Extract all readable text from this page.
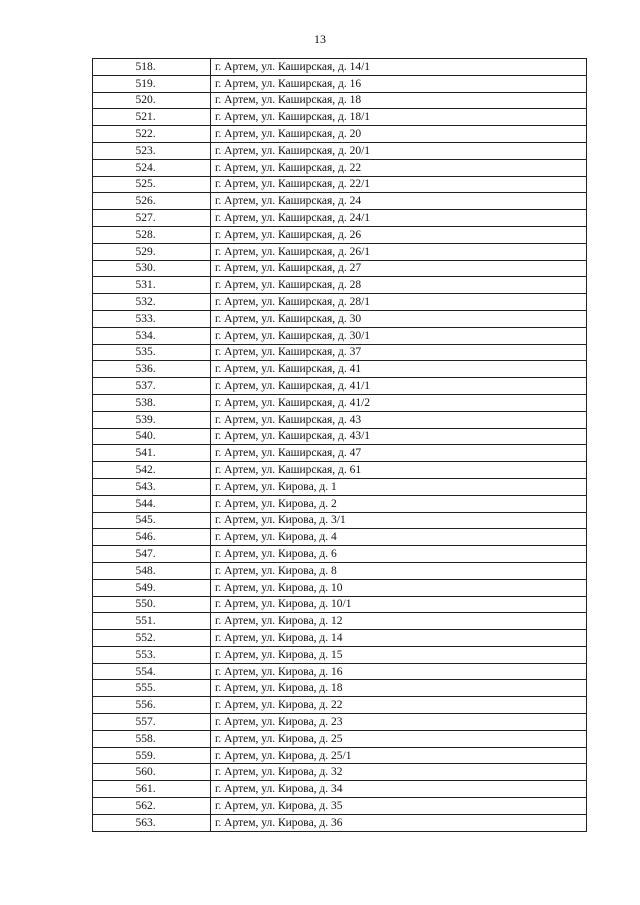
13
518.	г. Артем, ул. Каширская, д. 14/1
519.	г. Артем, ул. Каширская, д. 16
520.	г. Артем, ул. Каширская, д. 18
521.	г. Артем, ул. Каширская, д. 18/1
522.	г. Артем, ул. Каширская, д. 20
523.	г. Артем, ул. Каширская, д. 20/1
524.	г. Артем, ул. Каширская, д. 22
525.	г. Артем, ул. Каширская, д. 22/1
526.	г. Артем, ул. Каширская, д. 24
527.	г. Артем, ул. Каширская, д. 24/1
528.	г. Артем, ул. Каширская, д. 26
529.	г. Артем, ул. Каширская, д. 26/1
530.	г. Артем, ул. Каширская, д. 27
531.	г. Артем, ул. Каширская, д. 28
532.	г. Артем, ул. Каширская, д. 28/1
533.	г. Артем, ул. Каширская, д. 30
534.	г. Артем, ул. Каширская, д. 30/1
535.	г. Артем, ул. Каширская, д. 37
536.	г. Артем, ул. Каширская, д. 41
537.	г. Артем, ул. Каширская, д. 41/1
538.	г. Артем, ул. Каширская, д. 41/2
539.	г. Артем, ул. Каширская, д. 43
540.	г. Артем, ул. Каширская, д. 43/1
541.	г. Артем, ул. Каширская, д. 47
542.	г. Артем, ул. Каширская, д. 61
543.	г. Артем, ул. Кирова, д. 1
544.	г. Артем, ул. Кирова, д. 2
545.	г. Артем, ул. Кирова, д. 3/1
546.	г. Артем, ул. Кирова, д. 4
547.	г. Артем, ул. Кирова, д. 6
548.	г. Артем, ул. Кирова, д. 8
549.	г. Артем, ул. Кирова, д. 10
550.	г. Артем, ул. Кирова, д. 10/1
551.	г. Артем, ул. Кирова, д. 12
552.	г. Артем, ул. Кирова, д. 14
553.	г. Артем, ул. Кирова, д. 15
554.	г. Артем, ул. Кирова, д. 16
555.	г. Артем, ул. Кирова, д. 18
556.	г. Артем, ул. Кирова, д. 22
557.	г. Артем, ул. Кирова, д. 23
558.	г. Артем, ул. Кирова, д. 25
559.	г. Артем, ул. Кирова, д. 25/1
560.	г. Артем, ул. Кирова, д. 32
561.	г. Артем, ул. Кирова, д. 34
562.	г. Артем, ул. Кирова, д. 35
563.	г. Артем, ул. Кирова, д. 36
